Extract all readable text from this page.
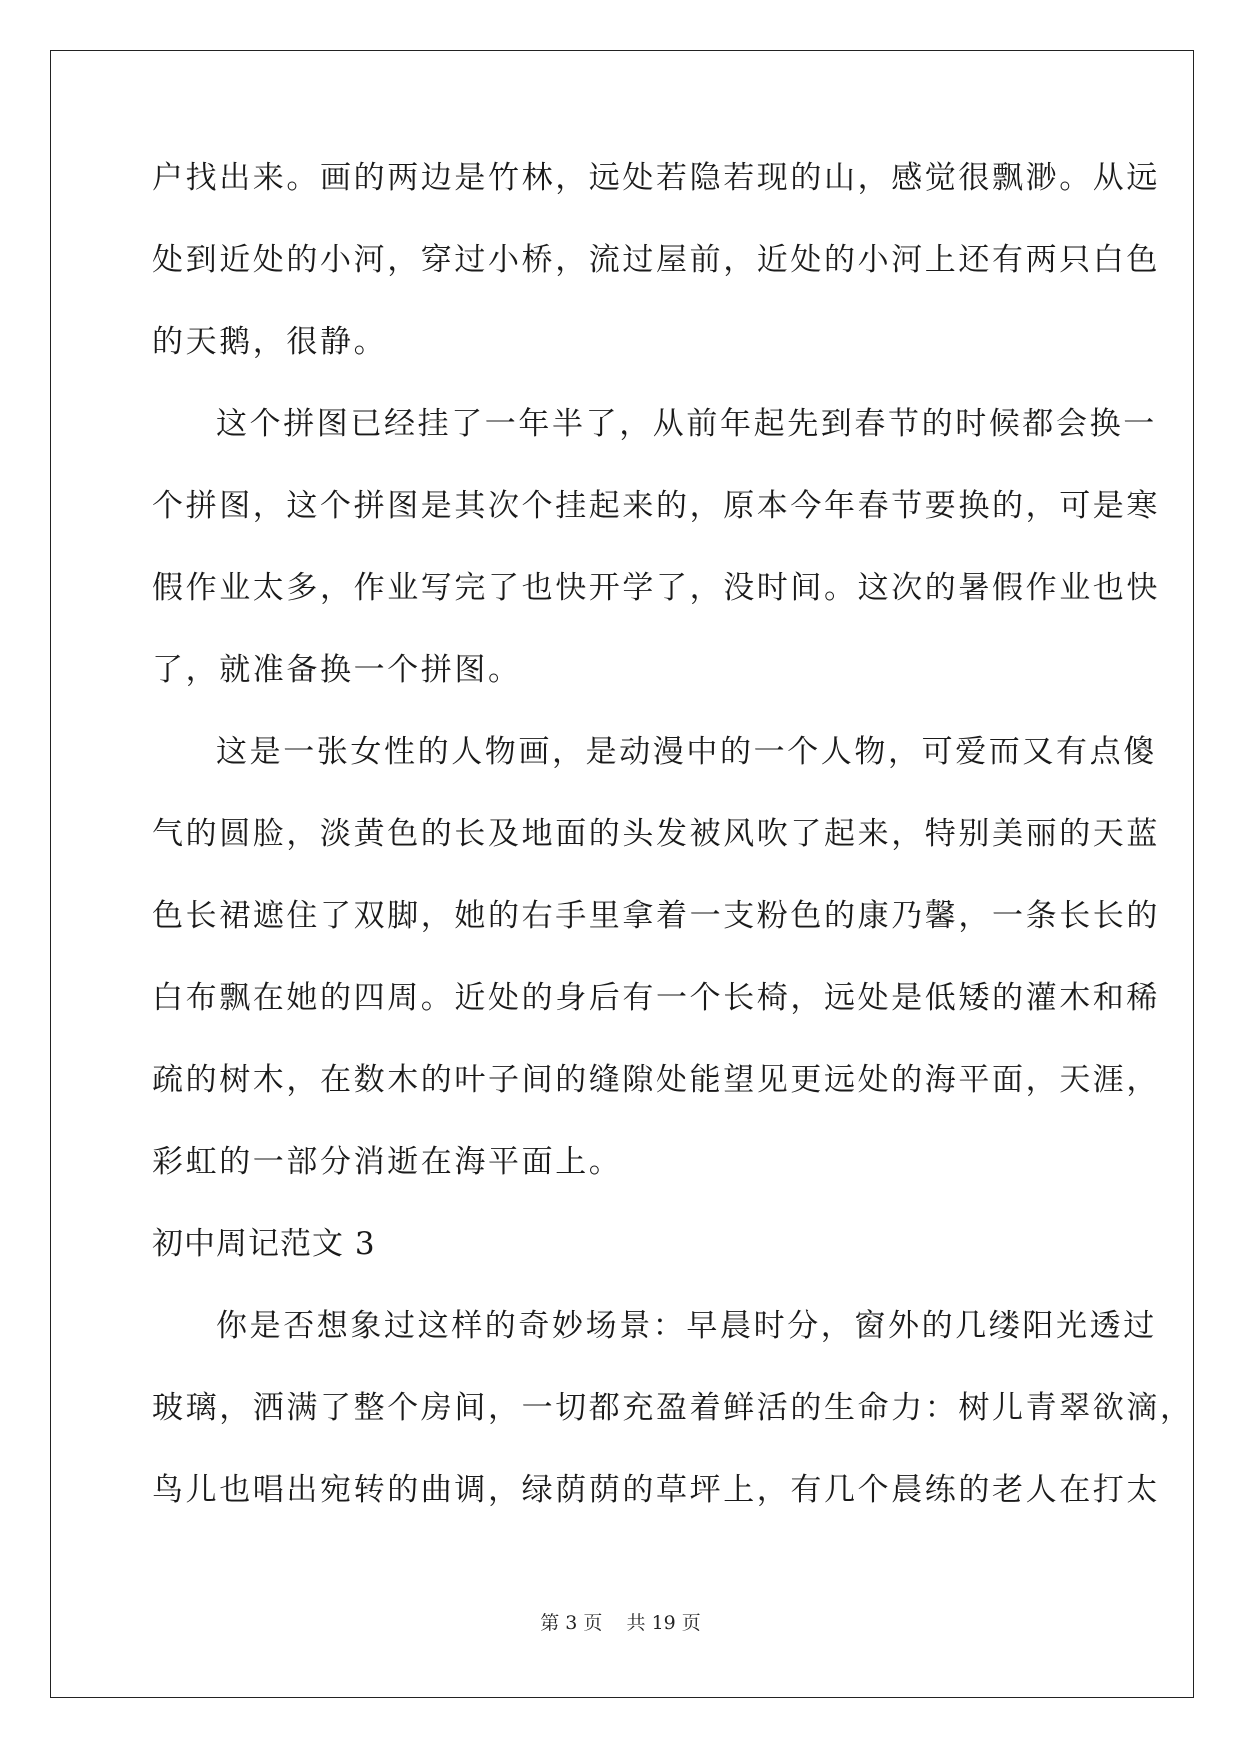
户找出来。画的两边是竹林，远处若隐若现的山，感觉很飘渺。从远
处到近处的小河，穿过小桥，流过屋前，近处的小河上还有两只白色
的天鹅，很静。
这个拼图已经挂了一年半了，从前年起先到春节的时候都会换一
个拼图，这个拼图是其次个挂起来的，原本今年春节要换的，可是寒
假作业太多，作业写完了也快开学了，没时间。这次的暑假作业也快
了，就准备换一个拼图。
这是一张女性的人物画，是动漫中的一个人物，可爱而又有点傻
气的圆脸，淡黄色的长及地面的头发被风吹了起来，特别美丽的天蓝
色长裙遮住了双脚，她的右手里拿着一支粉色的康乃馨，一条长长的
白布飘在她的四周。近处的身后有一个长椅，远处是低矮的灌木和稀
疏的树木，在数木的叶子间的缝隙处能望见更远处的海平面，天涯，
彩虹的一部分消逝在海平面上。
初中周记范文 3
你是否想象过这样的奇妙场景：早晨时分，窗外的几缕阳光透过
玻璃，洒满了整个房间，一切都充盈着鲜活的生命力：树儿青翠欲滴，
鸟儿也唱出宛转的曲调，绿荫荫的草坪上，有几个晨练的老人在打太
第 3 页 共 19 页
